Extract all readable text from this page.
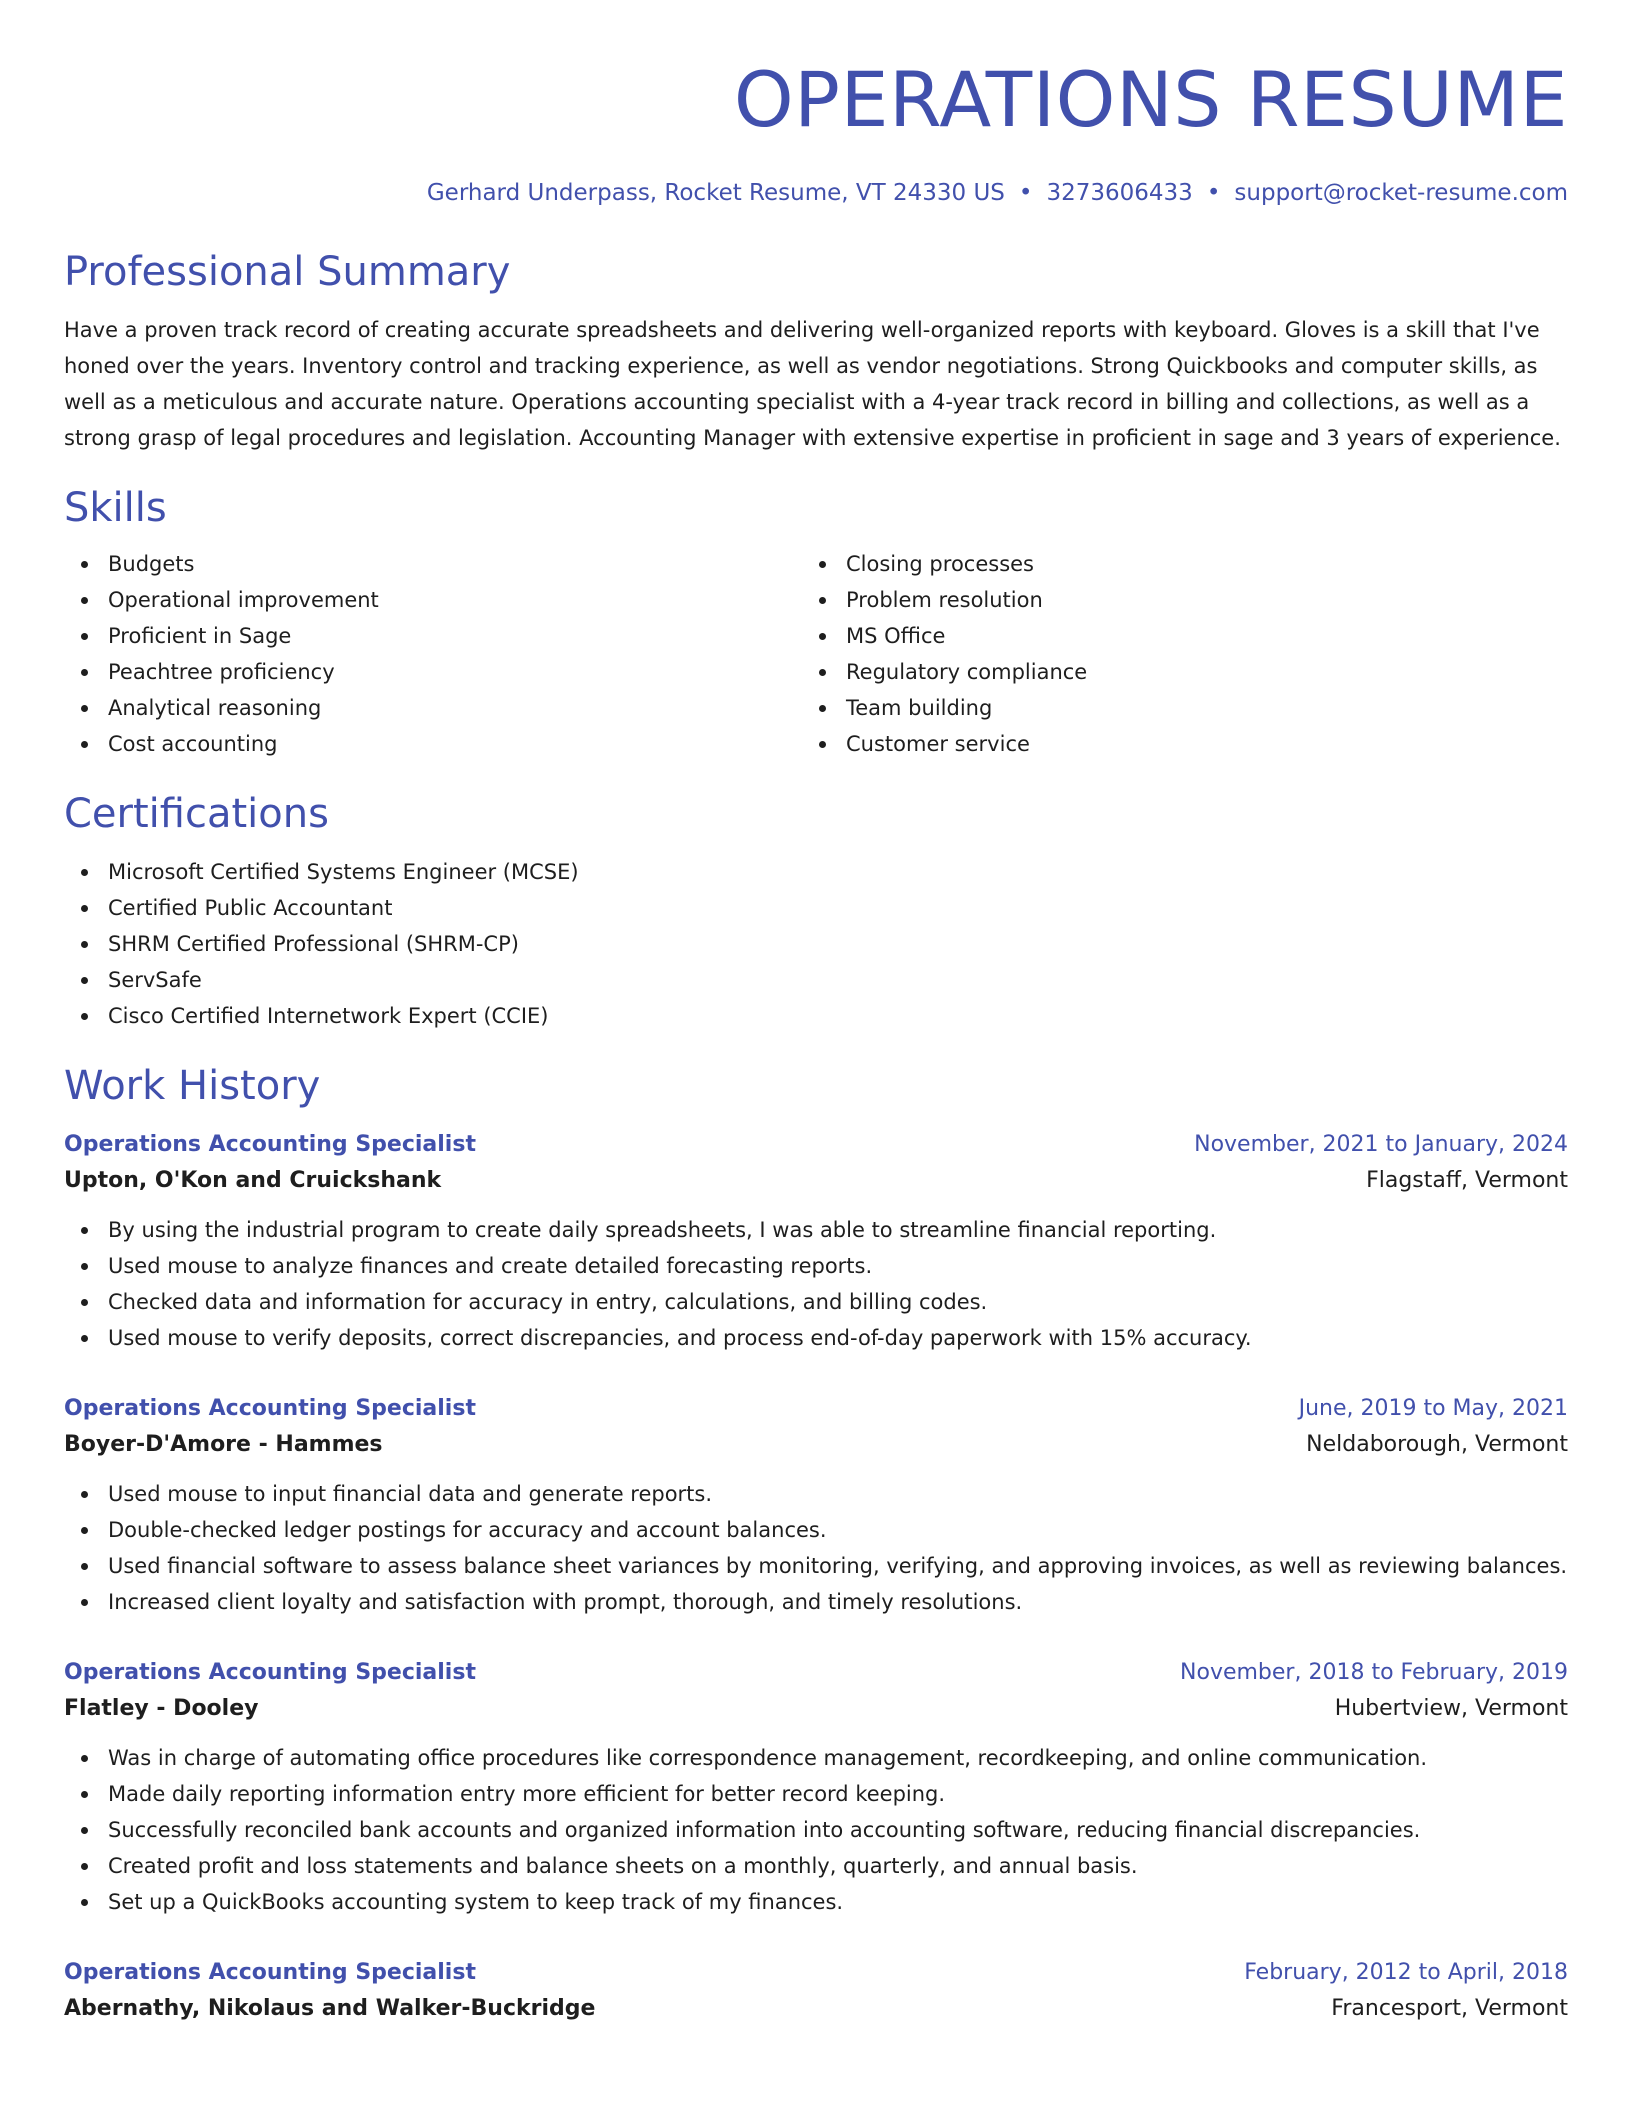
OPERATIONS RESUME
Gerhard Underpass, Rocket Resume, VT 24330 US • 3273606433 • support@rocket-resume.com
Professional Summary

Have a proven track record of creating accurate spreadsheets and delivering well-organized reports with keyboard. Gloves is a skill that I've honed over the years. Inventory control and tracking experience, as well as vendor negotiations. Strong Quickbooks and computer skills, as well as a meticulous and accurate nature. Operations accounting specialist with a 4-year track record in billing and collections, as well as a strong grasp of legal procedures and legislation. Accounting Manager with extensive expertise in proficient in sage and 3 years of experience.

Skills
Budgets
Operational improvement
Proficient in Sage
Peachtree proficiency
Analytical reasoning
Cost accounting
Closing processes
Problem resolution
MS Office
Regulatory compliance
Team building
Customer service
Certifications
Microsoft Certified Systems Engineer (MCSE)
Certified Public Accountant
SHRM Certified Professional (SHRM-CP)
ServSafe
Cisco Certified Internetwork Expert (CCIE)
Work History
Operations Accounting Specialist	November, 2021 to January, 2024
Upton, O'Kon and Cruickshank	Flagstaff, Vermont
By using the industrial program to create daily spreadsheets, I was able to streamline financial reporting.
Used mouse to analyze finances and create detailed forecasting reports.
Checked data and information for accuracy in entry, calculations, and billing codes.
Used mouse to verify deposits, correct discrepancies, and process end-of-day paperwork with 15% accuracy.
Operations Accounting Specialist	June, 2019 to May, 2021
Boyer-D'Amore - Hammes	Neldaborough, Vermont
Used mouse to input financial data and generate reports.
Double-checked ledger postings for accuracy and account balances.
Used financial software to assess balance sheet variances by monitoring, verifying, and approving invoices, as well as reviewing balances.
Increased client loyalty and satisfaction with prompt, thorough, and timely resolutions.
Operations Accounting Specialist	November, 2018 to February, 2019
Flatley - Dooley	Hubertview, Vermont
Was in charge of automating office procedures like correspondence management, recordkeeping, and online communication.
Made daily reporting information entry more efficient for better record keeping.
Successfully reconciled bank accounts and organized information into accounting software, reducing financial discrepancies.
Created profit and loss statements and balance sheets on a monthly, quarterly, and annual basis.
Set up a QuickBooks accounting system to keep track of my finances.
Operations Accounting Specialist	February, 2012 to April, 2018
Abernathy, Nikolaus and Walker-Buckridge	Francesport, Vermont
